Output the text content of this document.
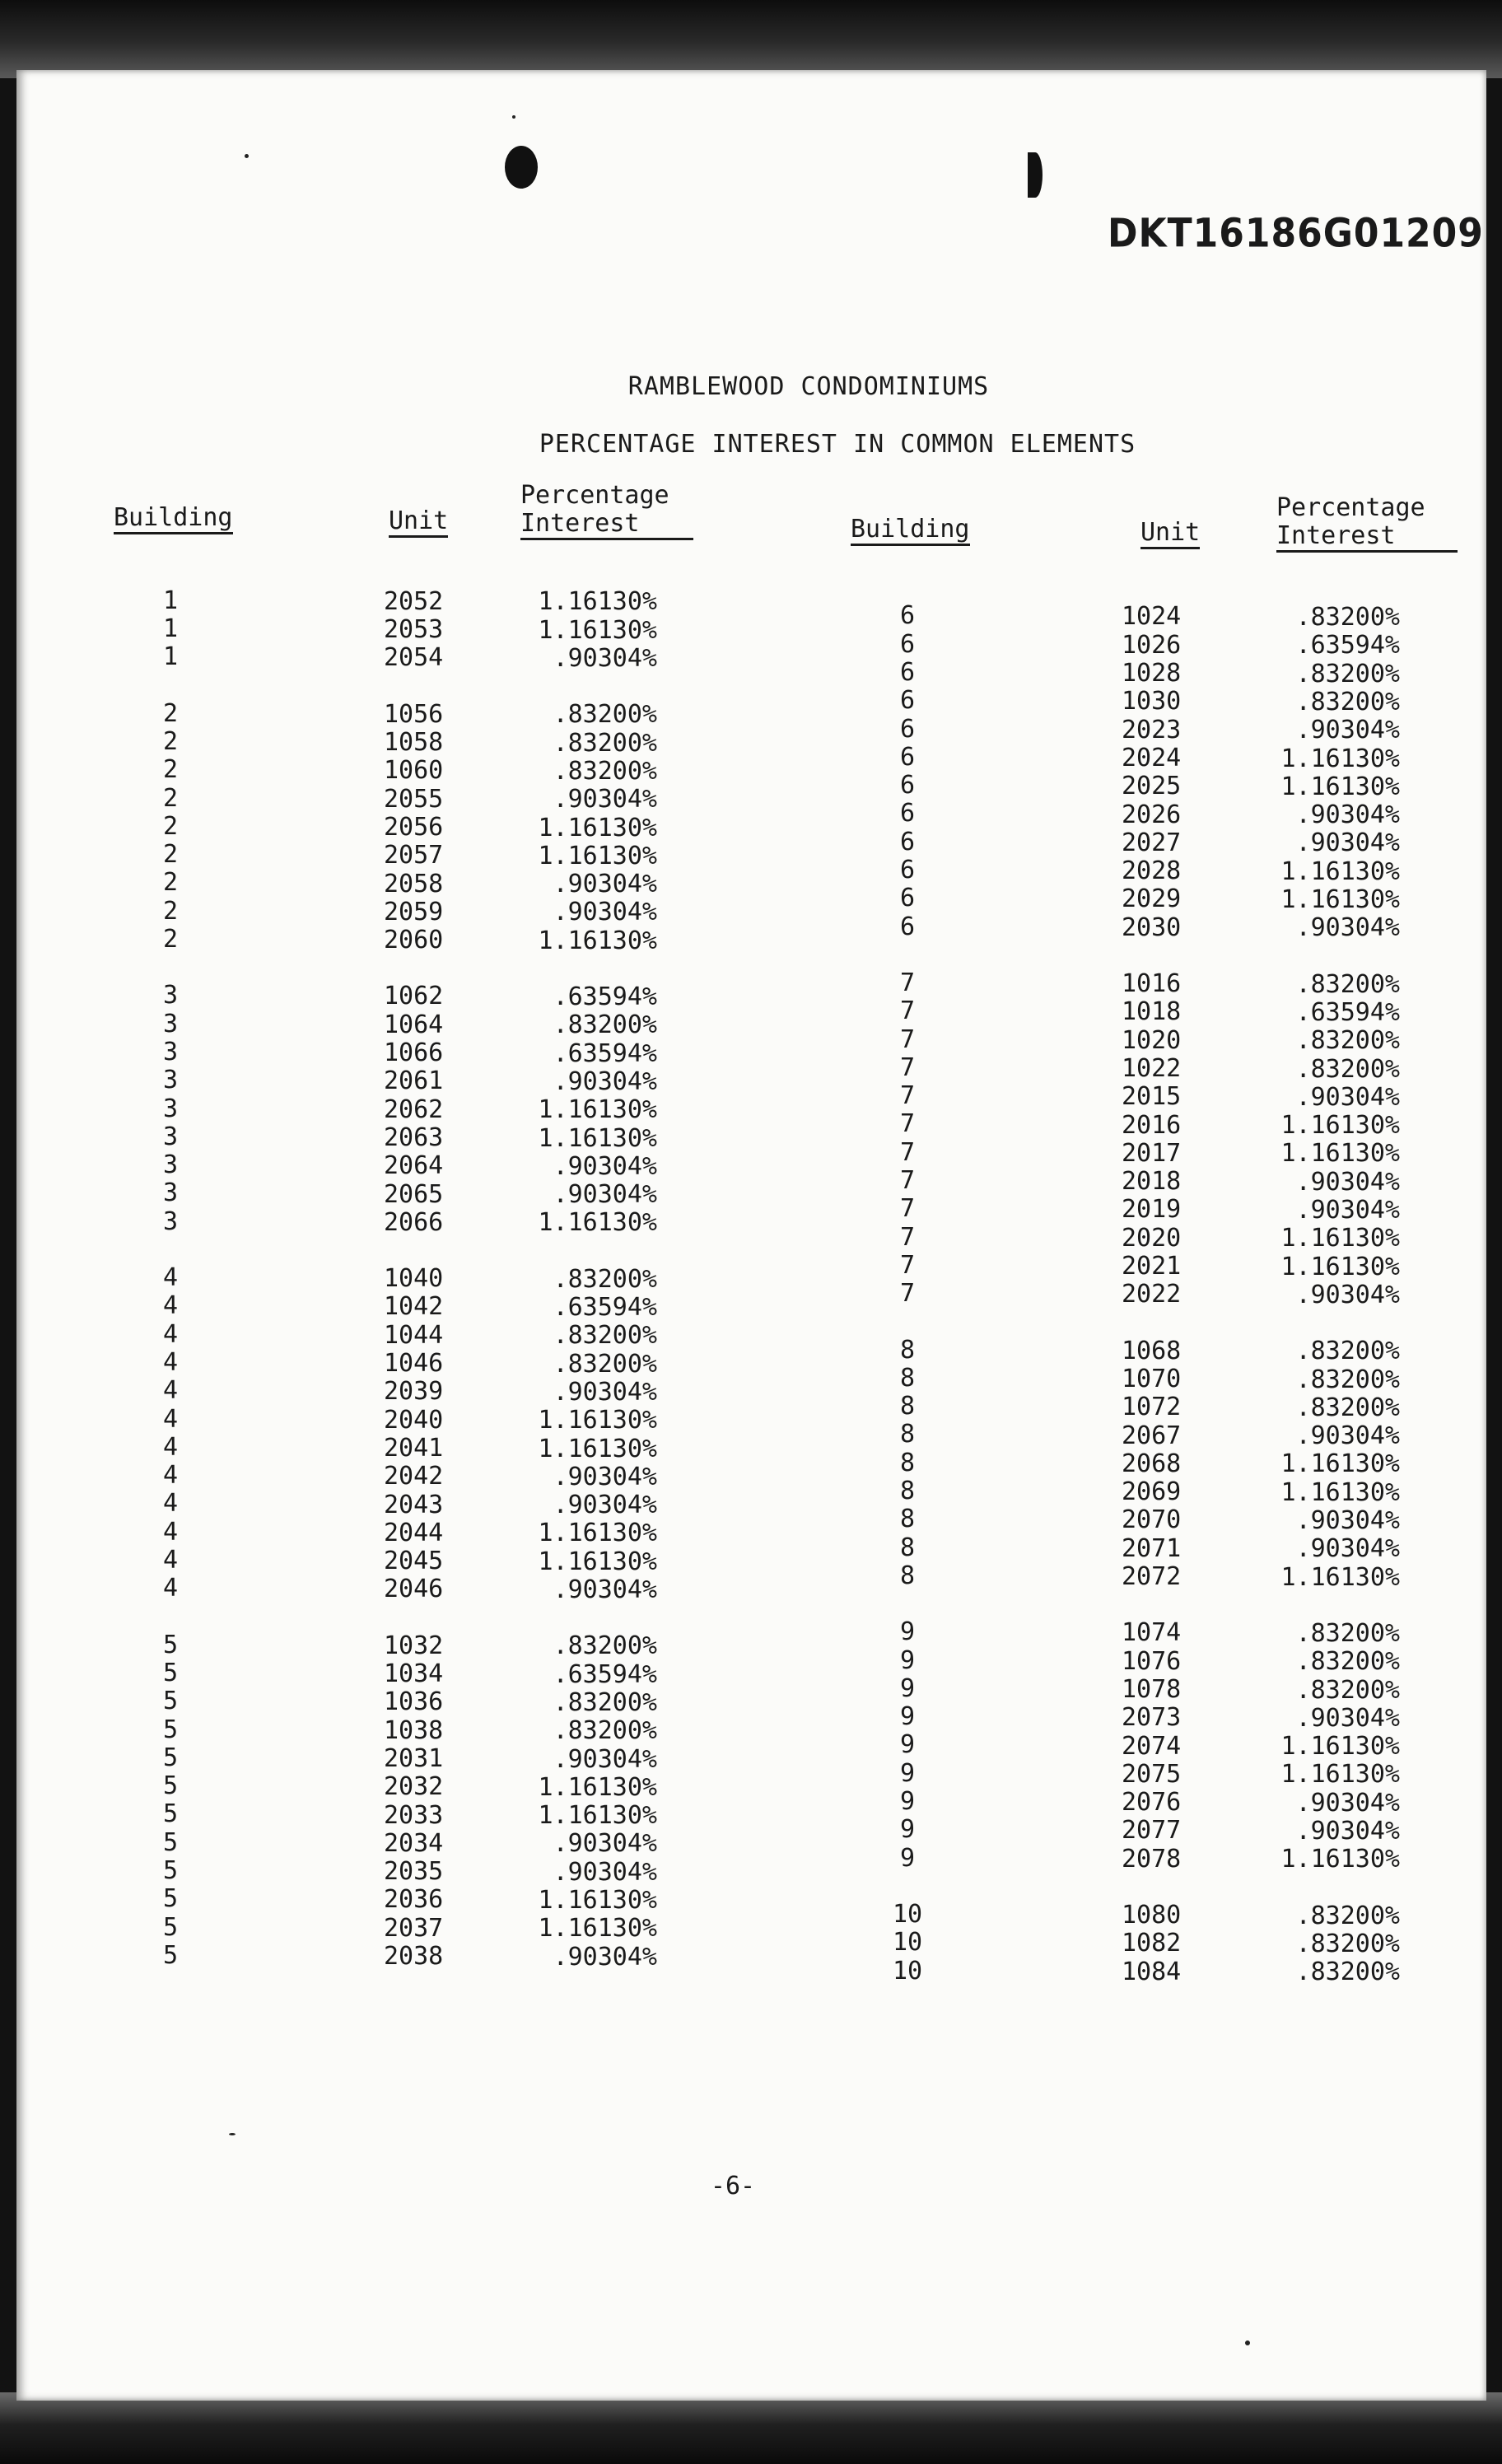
DKT16186G01209
RAMBLEWOOD CONDOMINIUMS
PERCENTAGE INTEREST IN COMMON ELEMENTS
Building	Unit
Percentage
Interest	Building	Unit
Percentage
Interest
1	2052	1.16130%
1	2053	1.16130%
1	2054	.90304%
2	1056	.83200%
2	1058	.83200%
2	1060	.83200%
2	2055	.90304%
2	2056	1.16130%
2	2057	1.16130%
2	2058	.90304%
2	2059	.90304%
2	2060	1.16130%
3	1062	.63594%
3	1064	.83200%
3	1066	.63594%
3	2061	.90304%
3	2062	1.16130%
3	2063	1.16130%
3	2064	.90304%
3	2065	.90304%
3	2066	1.16130%
4	1040	.83200%
4	1042	.63594%
4	1044	.83200%
4	1046	.83200%
4	2039	.90304%
4	2040	1.16130%
4	2041	1.16130%
4	2042	.90304%
4	2043	.90304%
4	2044	1.16130%
4	2045	1.16130%
4	2046	.90304%
5	1032	.83200%
5	1034	.63594%
5	1036	.83200%
5	1038	.83200%
5	2031	.90304%
5	2032	1.16130%
5	2033	1.16130%
5	2034	.90304%
5	2035	.90304%
5	2036	1.16130%
5	2037	1.16130%
5	2038	.90304%
6	1024	.83200%
6	1026	.63594%
6	1028	.83200%
6	1030	.83200%
6	2023	.90304%
6	2024	1.16130%
6	2025	1.16130%
6	2026	.90304%
6	2027	.90304%
6	2028	1.16130%
6	2029	1.16130%
6	2030	.90304%
7	1016	.83200%
7	1018	.63594%
7	1020	.83200%
7	1022	.83200%
7	2015	.90304%
7	2016	1.16130%
7	2017	1.16130%
7	2018	.90304%
7	2019	.90304%
7	2020	1.16130%
7	2021	1.16130%
7	2022	.90304%
8	1068	.83200%
8	1070	.83200%
8	1072	.83200%
8	2067	.90304%
8	2068	1.16130%
8	2069	1.16130%
8	2070	.90304%
8	2071	.90304%
8	2072	1.16130%
9	1074	.83200%
9	1076	.83200%
9	1078	.83200%
9	2073	.90304%
9	2074	1.16130%
9	2075	1.16130%
9	2076	.90304%
9	2077	.90304%
9	2078	1.16130%
10	1080	.83200%
10	1082	.83200%
10	1084	.83200%
-6-
